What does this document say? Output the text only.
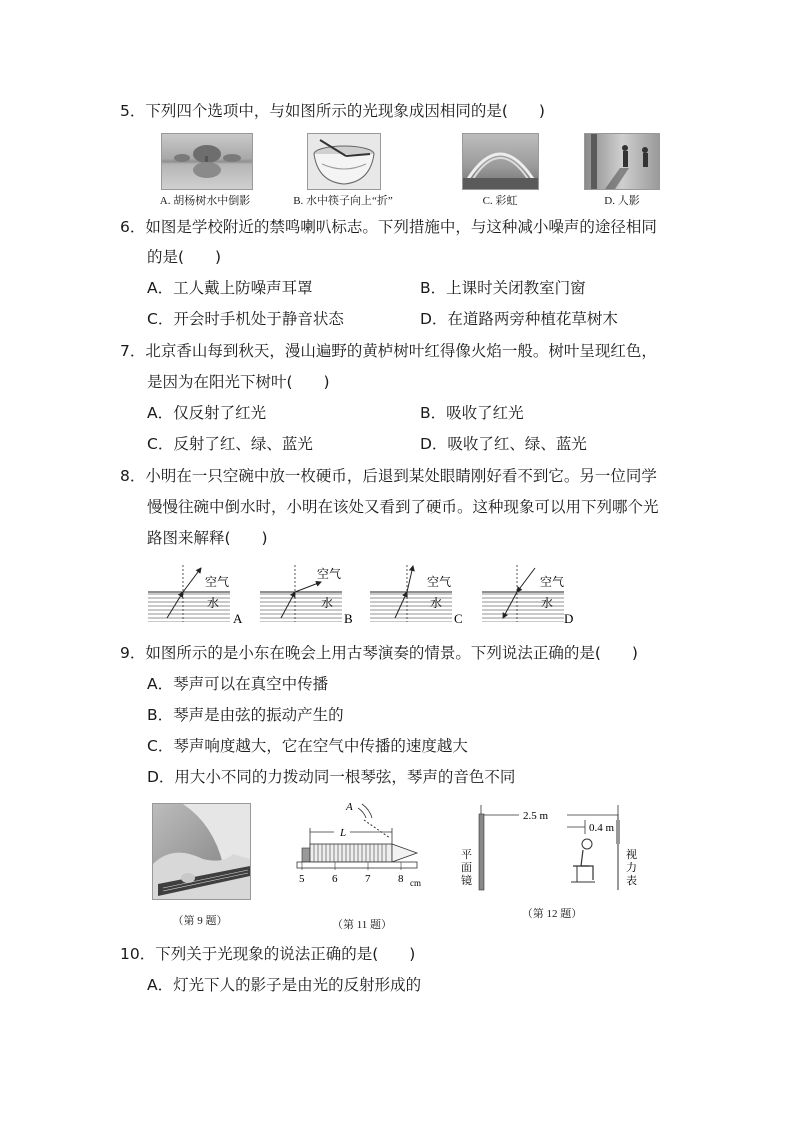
5．下列四个选项中，与如图所示的光现象成因相同的是(　　)
A. 胡杨树水中倒影	B. 水中筷子向上“折”	C. 彩虹	D. 人影
6．如图是学校附近的禁鸣喇叭标志。下列措施中，与这种减小噪声的途径相同
的是(　　)
A．工人戴上防噪声耳罩	B．上课时关闭教室门窗
C．开会时手机处于静音状态	D．在道路两旁种植花草树木
7．北京香山每到秋天，漫山遍野的黄栌树叶红得像火焰一般。树叶呈现红色，
是因为在阳光下树叶(　　)
A．仅反射了红光	B．吸收了红光
C．反射了红、绿、蓝光	D．吸收了红、绿、蓝光
8．小明在一只空碗中放一枚硬币，后退到某处眼睛刚好看不到它。另一位同学
慢慢往碗中倒水时，小明在该处又看到了硬币。这种现象可以用下列哪个光
路图来解释(　　)
空气
水
A
空气
水
B
空气
水
C
空气
水
D
9．如图所示的是小东在晚会上用古琴演奏的情景。下列说法正确的是(　　)
A．琴声可以在真空中传播
B．琴声是由弦的振动产生的
C．琴声响度越大，它在空气中传播的速度越大
D．用大小不同的力拨动同一根琴弦，琴声的音色不同
（第 9 题）
A
L
5	6	7	8 cm
（第 11 题）
2.5 m
0.4 m
平
面
镜
视
力
表
（第 12 题）
10．下列关于光现象的说法正确的是(　　)
A．灯光下人的影子是由光的反射形成的
